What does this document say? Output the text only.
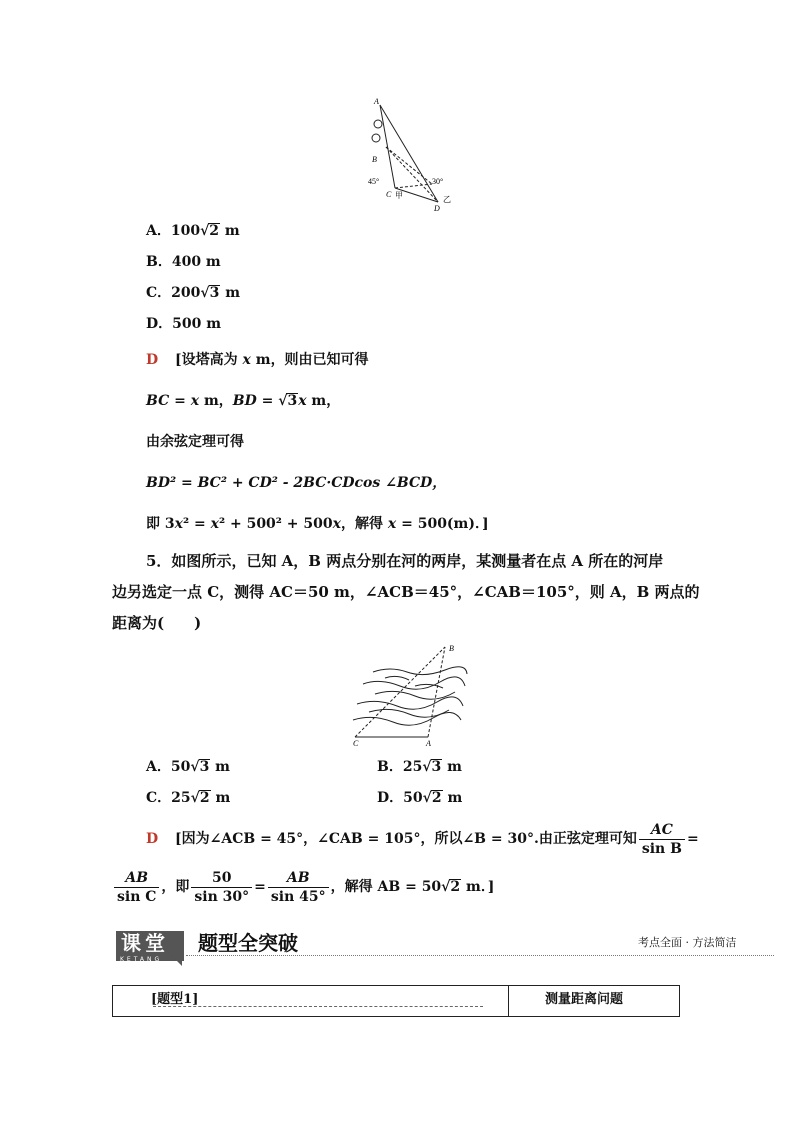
A
B
45°	30°
C 甲
D
乙
A．100√2 m
B．400 m
C．200√3 m
D．500 m
D [设塔高为 x m，则由已知可得
BC = x m，BD = √3x m，
由余弦定理可得
BD² = BC² + CD² - 2BC·CDcos ∠BCD，
即 3x² = x² + 500² + 500x，解得 x = 500(m)．]
5．如图所示，已知 A，B 两点分别在河的两岸，某测量者在点 A 所在的河岸
边另选定一点 C，测得 AC＝50 m，∠ACB＝45°，∠CAB＝105°，则 A，B 两点的
距离为(　　)
B
C	A
A．50√3 m	B．25√3 m
C．25√2 m	D．50√2 m
D [因为∠ACB = 45°，∠CAB = 105°，所以∠B = 30°.由正弦定理可知 $\frac{AC}{\text{sin B}}$ =
$\frac{AB}{\text{sin C}}$ ，即 $\frac{50}{\sin 30^\circ} = \frac{AB}{\sin 45^\circ}$ ，解得 AB = 50√2 m．]
课堂
KETANG
题型全突破	考点全面 · 方法简洁
[题型1]	测量距离问题
